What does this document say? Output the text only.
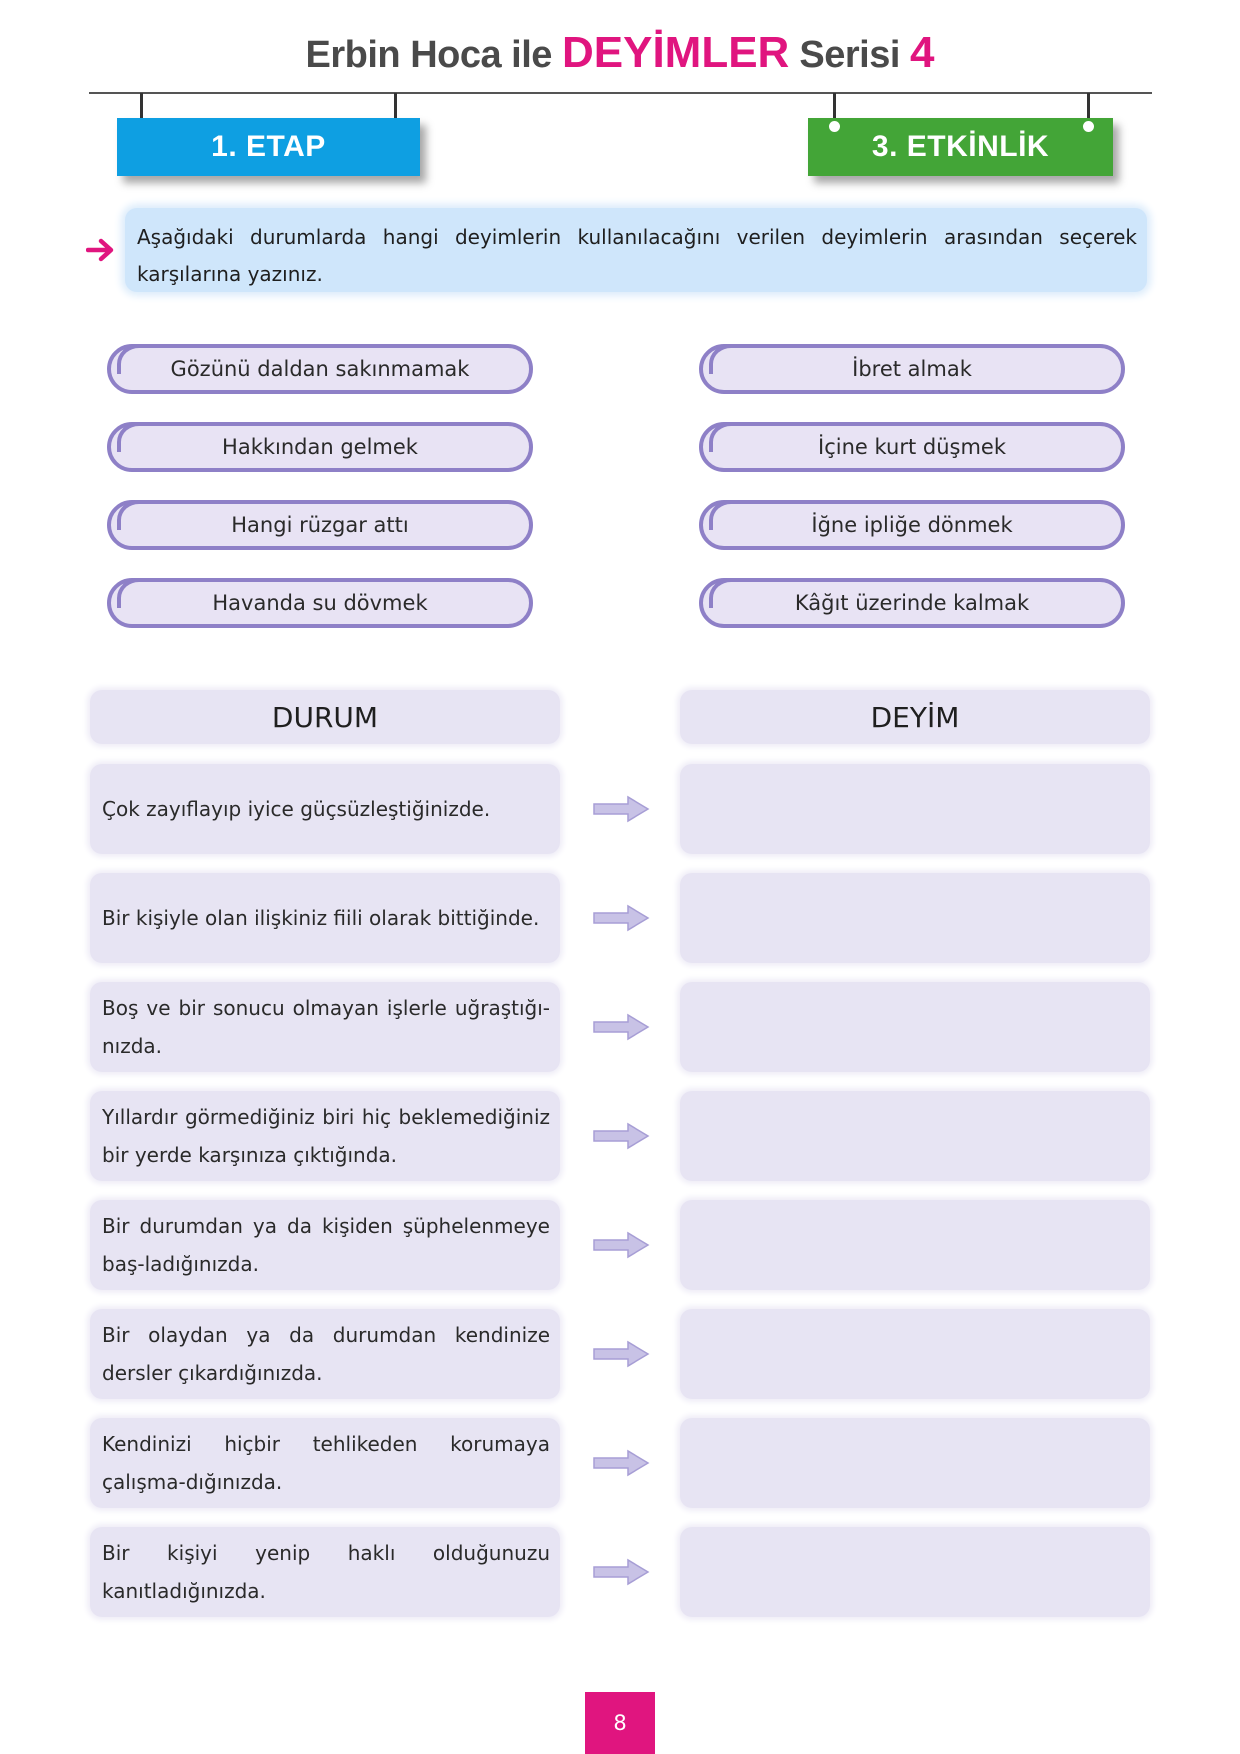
Erbin Hoca ile DEYİMLER Serisi 4
1. ETAP	3. ETKİNLİK
Aşağıdaki durumlarda hangi deyimlerin kullanılacağını verilen deyimlerin arasından seçerek karşılarına yazınız.
Gözünü daldan sakınmamak
Hakkından gelmek
Hangi rüzgar attı
Havanda su dövmek
İbret almak
İçine kurt düşmek
İğne ipliğe dönmek
Kâğıt üzerinde kalmak
DURUM	DEYİM
Çok zayıflayıp iyice güçsüzleştiğinizde.
Bir kişiyle olan ilişkiniz fiili olarak bittiğinde.
Boş ve bir sonucu olmayan işlerle uğraştığı-nızda.
Yıllardır görmediğiniz biri hiç beklemediğiniz bir yerde karşınıza çıktığında.
Bir durumdan ya da kişiden şüphelenmeye baş-ladığınızda.
Bir olaydan ya da durumdan kendinize dersler çıkardığınızda.
Kendinizi hiçbir tehlikeden korumaya çalışma-dığınızda.
Bir kişiyi yenip haklı olduğunuzu kanıtladığınızda.
8
